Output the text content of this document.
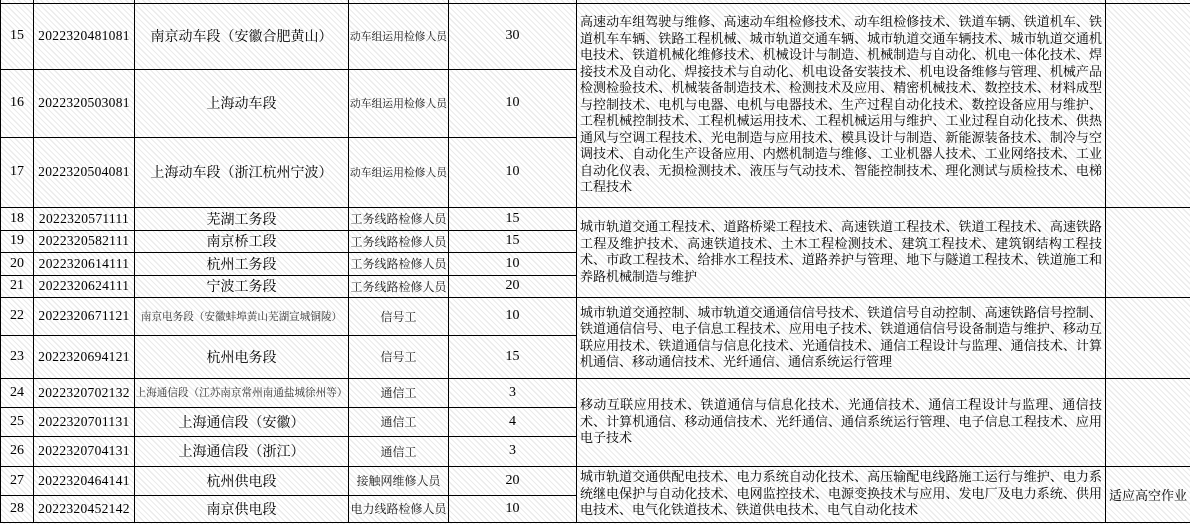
15	2022320481081	南京动车段（安徽合肥黄山）	动车组运用检修人员	30	高速动车组驾驶与维修、高速动车组检修技术、动车组检修技术、铁道车辆、铁道机车、铁道机车车辆、铁路工程机械、城市轨道交通车辆、城市轨道交通车辆技术、城市轨道交通机电技术、铁道机械化维修技术、机械设计与制造、机械制造与自动化、机电一体化技术、焊接技术及自动化、焊接技术与自动化、机电设备安装技术、机电设备维修与管理、机械产品检测检验技术、机械装备制造技术、检测技术及应用、精密机械技术、数控技术、材料成型与控制技术、电机与电器、电机与电器技术、生产过程自动化技术、数控设备应用与维护、工程机械控制技术、工程机械运用技术、工程机械运用与维护、工业过程自动化技术、供热通风与空调工程技术、光电制造与应用技术、模具设计与制造、新能源装备技术、制冷与空调技术、自动化生产设备应用、内燃机制造与维修、工业机器人技术、工业网络技术、工业自动化仪表、无损检测技术、液压与气动技术、智能控制技术、理化测试与质检技术、电梯工程技术	
16	2022320503081	上海动车段	动车组运用检修人员	10		
17	2022320504081	上海动车段（浙江杭州宁波）	动车组运用检修人员	10		
18	2022320571111	芜湖工务段	工务线路检修人员	15	城市轨道交通工程技术、道路桥梁工程技术、高速铁道工程技术、铁道工程技术、高速铁路工程及维护技术、高速铁道技术、土木工程检测技术、建筑工程技术、建筑钢结构工程技术、市政工程技术、给排水工程技术、道路养护与管理、地下与隧道工程技术、铁道施工和养路机械制造与维护	
19	2022320582111	南京桥工段	工务线路检修人员	15		
20	2022320614111	杭州工务段	工务线路检修人员	10		
21	2022320624111	宁波工务段	工务线路检修人员	20		
22	2022320671121	南京电务段（安徽蚌埠黄山芜湖宣城铜陵）	信号工	10	城市轨道交通控制、城市轨道交通通信信号技术、铁道信号自动控制、高速铁路信号控制、铁道通信信号、电子信息工程技术、应用电子技术、铁道通信信号设备制造与维护、移动互联应用技术、铁道通信与信息化技术、光通信技术、通信工程设计与监理、通信技术、计算机通信、移动通信技术、光纤通信、通信系统运行管理	
23	2022320694121	杭州电务段	信号工	15		
24	2022320702132	上海通信段（江苏南京常州南通盐城徐州等）	通信工	3	移动互联应用技术、铁道通信与信息化技术、光通信技术、通信工程设计与监理、通信技术、计算机通信、移动通信技术、光纤通信、通信系统运行管理、电子信息工程技术、应用电子技术	
25	2022320701131	上海通信段（安徽）	通信工	4		
26	2022320704131	上海通信段（浙江）	通信工	3		
27	2022320464141	杭州供电段	接触网维修人员	20	城市轨道交通供配电技术、电力系统自动化技术、高压输配电线路施工运行与维护、电力系统继电保护与自动化技术、电网监控技术、电源变换技术与应用、发电厂及电力系统、供用电技术、电气化铁道技术、铁道供电技术、电气自动化技术	适应高空作业
28	2022320452142	南京供电段	电力线路检修人员	10		
